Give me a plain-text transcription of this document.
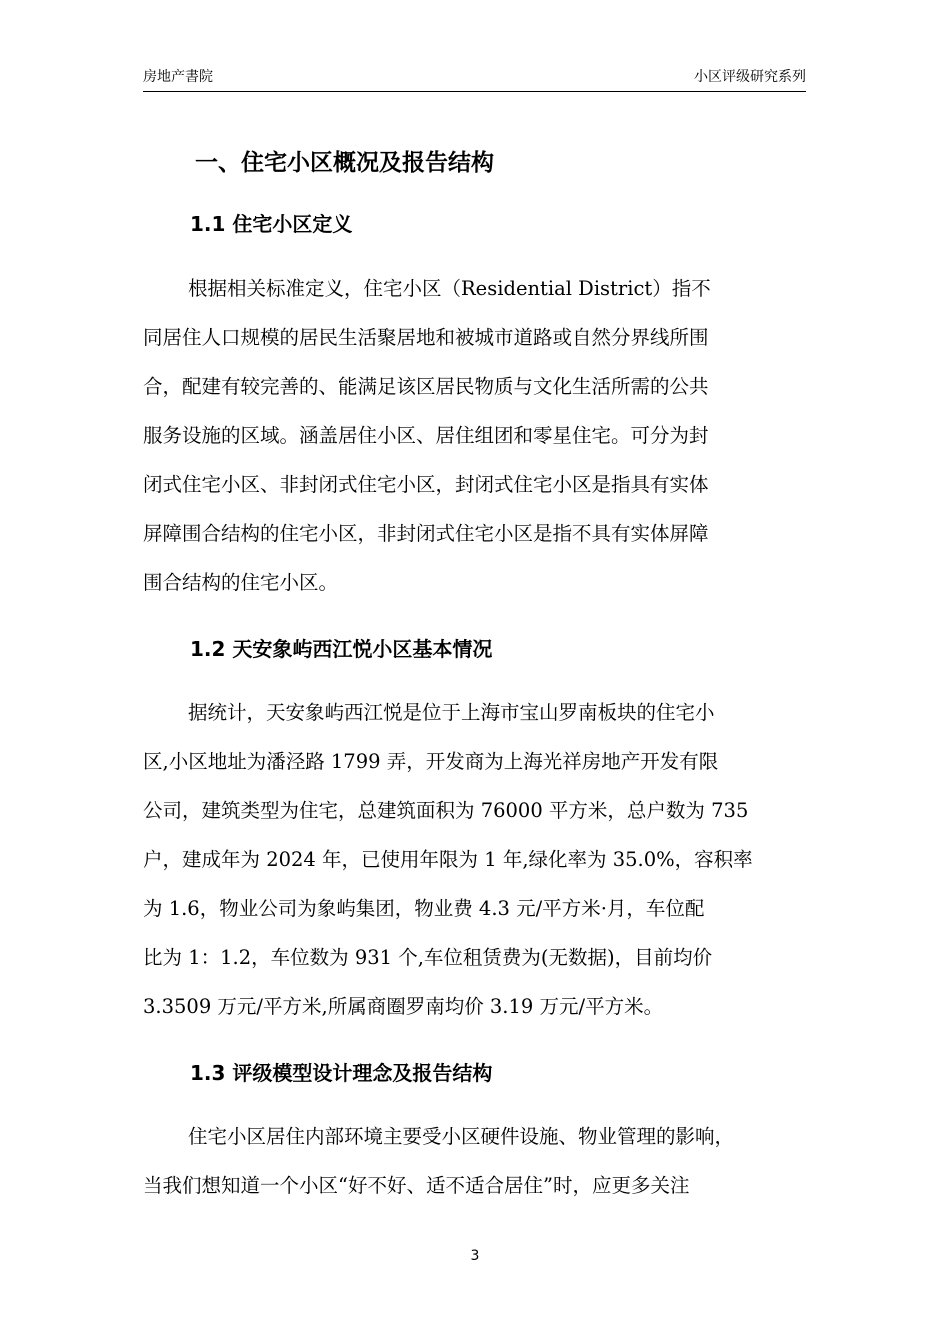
房地产書院	小区评级研究系列
一、住宅小区概况及报告结构
1.1 住宅小区定义
根据相关标准定义，住宅小区（Residential District）指不
同居住人口规模的居民生活聚居地和被城市道路或自然分界线所围
合，配建有较完善的、能满足该区居民物质与文化生活所需的公共
服务设施的区域。涵盖居住小区、居住组团和零星住宅。可分为封
闭式住宅小区、非封闭式住宅小区，封闭式住宅小区是指具有实体
屏障围合结构的住宅小区，非封闭式住宅小区是指不具有实体屏障
围合结构的住宅小区。
1.2 天安象屿西江悦小区基本情况
据统计，天安象屿西江悦是位于上海市宝山罗南板块的住宅小
区,小区地址为潘泾路 1799 弄，开发商为上海光祥房地产开发有限
公司，建筑类型为住宅，总建筑面积为 76000 平方米，总户数为 735
户，建成年为 2024 年，已使用年限为 1 年,绿化率为 35.0%，容积率
为 1.6，物业公司为象屿集团，物业费 4.3 元/平方米·月，车位配
比为 1：1.2，车位数为 931 个,车位租赁费为(无数据)，目前均价
3.3509 万元/平方米,所属商圈罗南均价 3.19 万元/平方米。
1.3 评级模型设计理念及报告结构
住宅小区居住内部环境主要受小区硬件设施、物业管理的影响，
当我们想知道一个小区“好不好、适不适合居住”时，应更多关注
3
